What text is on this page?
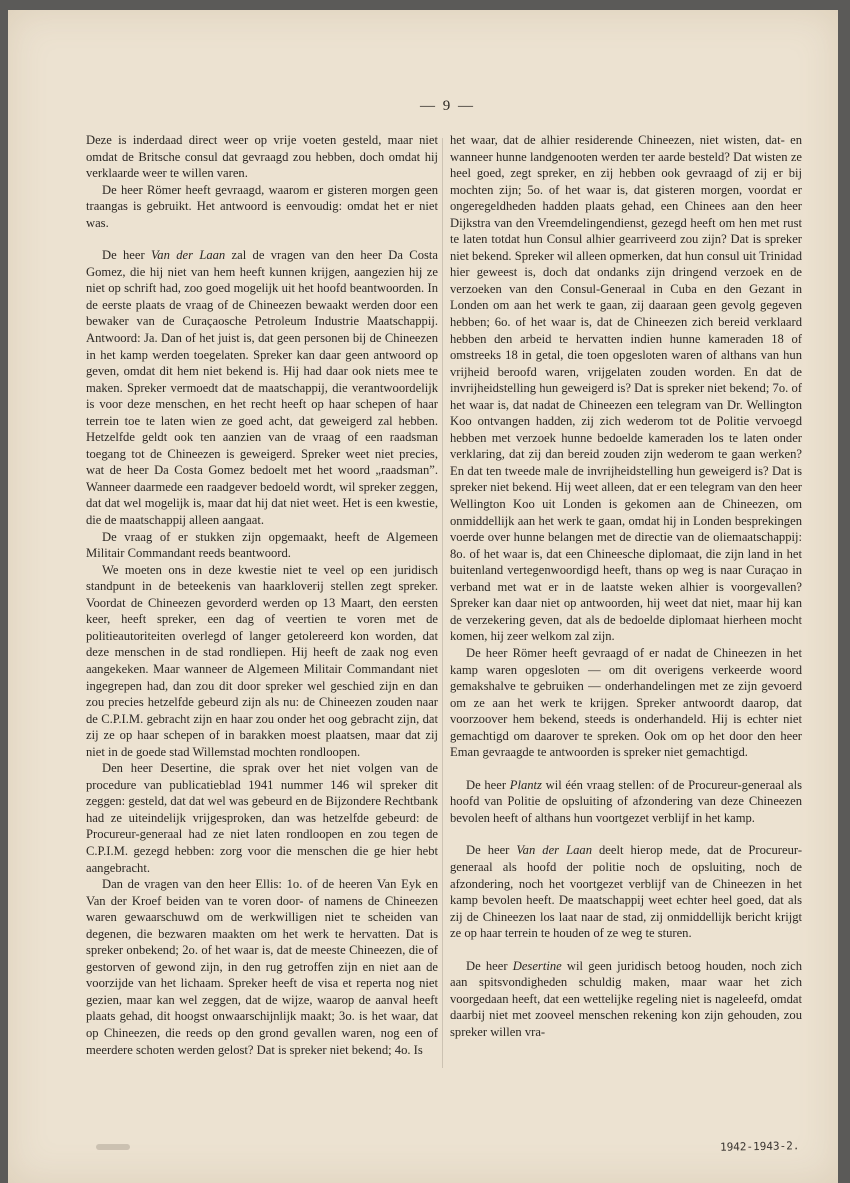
— 9 —

Deze is inderdaad direct weer op vrije voeten gesteld, maar niet omdat de Britsche consul dat gevraagd zou hebben, doch omdat hij verklaarde weer te willen varen.

De heer Römer heeft gevraagd, waarom er gisteren morgen geen traangas is gebruikt. Het antwoord is eenvoudig: omdat het er niet was.

De heer Van der Laan zal de vragen van den heer Da Costa Gomez, die hij niet van hem heeft kunnen krijgen, aangezien hij ze niet op schrift had, zoo goed mogelijk uit het hoofd beantwoorden. In de eerste plaats de vraag of de Chineezen bewaakt werden door een bewaker van de Curaçaosche Petroleum Industrie Maatschappij. Antwoord: Ja. Dan of het juist is, dat geen personen bij de Chineezen in het kamp werden toegelaten. Spreker kan daar geen antwoord op geven, omdat dit hem niet bekend is. Hij had daar ook niets mee te maken. Spreker vermoedt dat de maatschappij, die verantwoordelijk is voor deze menschen, en het recht heeft op haar schepen of haar terrein toe te laten wien ze goed acht, dat geweigerd zal hebben. Hetzelfde geldt ook ten aanzien van de vraag of een raadsman toegang tot de Chineezen is geweigerd. Spreker weet niet precies, wat de heer Da Costa Gomez bedoelt met het woord „raadsman”. Wanneer daarmede een raadgever bedoeld wordt, wil spreker zeggen, dat dat wel mogelijk is, maar dat hij dat niet weet. Het is een kwestie, die de maatschappij alleen aangaat.

De vraag of er stukken zijn opgemaakt, heeft de Algemeen Militair Commandant reeds beantwoord.

We moeten ons in deze kwestie niet te veel op een juridisch standpunt in de beteekenis van haarkloverij stellen zegt spreker. Voordat de Chineezen gevorderd werden op 13 Maart, den eersten keer, heeft spreker, een dag of veertien te voren met de politieautoriteiten overlegd of langer getolereerd kon worden, dat deze menschen in de stad rondliepen. Hij heeft de zaak nog even aangekeken. Maar wanneer de Algemeen Militair Commandant niet ingegrepen had, dan zou dit door spreker wel geschied zijn en dan zou precies hetzelfde gebeurd zijn als nu: de Chineezen zouden naar de C.P.I.M. gebracht zijn en haar zou onder het oog gebracht zijn, dat zij ze op haar schepen of in barakken moest plaatsen, maar dat zij niet in de goede stad Willemstad mochten rondloopen.

Den heer Desertine, die sprak over het niet volgen van de procedure van publicatieblad 1941 nummer 146 wil spreker dit zeggen: gesteld, dat dat wel was gebeurd en de Bijzondere Rechtbank had ze uiteindelijk vrijgesproken, dan was hetzelfde gebeurd: de Procureur-generaal had ze niet laten rondloopen en zou tegen de C.P.I.M. gezegd hebben: zorg voor die menschen die ge hier hebt aangebracht.

Dan de vragen van den heer Ellis: 1o. of de heeren Van Eyk en Van der Kroef beiden van te voren door- of namens de Chineezen waren gewaarschuwd om de werkwilligen niet te scheiden van degenen, die bezwaren maakten om het werk te hervatten. Dat is spreker onbekend; 2o. of het waar is, dat de meeste Chineezen, die of gestorven of gewond zijn, in den rug getroffen zijn en niet aan de voorzijde van het lichaam. Spreker heeft de visa et reperta nog niet gezien, maar kan wel zeggen, dat de wijze, waarop de aanval heeft plaats gehad, dit hoogst onwaarschijnlijk maakt; 3o. is het waar, dat op Chineezen, die reeds op den grond gevallen waren, nog een of meerdere schoten werden gelost? Dat is spreker niet bekend; 4o. Is

het waar, dat de alhier residerende Chineezen, niet wisten, dat- en wanneer hunne landgenooten werden ter aarde besteld? Dat wisten ze heel goed, zegt spreker, en zij hebben ook gevraagd of zij er bij mochten zijn; 5o. of het waar is, dat gisteren morgen, voordat er ongeregeldheden hadden plaats gehad, een Chinees aan den heer Dijkstra van den Vreemdelingendienst, gezegd heeft om hen met rust te laten totdat hun Consul alhier gearriveerd zou zijn? Dat is spreker niet bekend. Spreker wil alleen opmerken, dat hun consul uit Trinidad hier geweest is, doch dat ondanks zijn dringend verzoek en de verzoeken van den Consul-Generaal in Cuba en den Gezant in Londen om aan het werk te gaan, zij daaraan geen gevolg gegeven hebben; 6o. of het waar is, dat de Chineezen zich bereid verklaard hebben den arbeid te hervatten indien hunne kameraden 18 of omstreeks 18 in getal, die toen opgesloten waren of althans van hun vrijheid beroofd waren, vrijgelaten zouden worden. En dat de invrijheidstelling hun geweigerd is? Dat is spreker niet bekend; 7o. of het waar is, dat nadat de Chineezen een telegram van Dr. Wellington Koo ontvangen hadden, zij zich wederom tot de Politie vervoegd hebben met verzoek hunne bedoelde kameraden los te laten onder verklaring, dat zij dan bereid zouden zijn wederom te gaan werken? En dat ten tweede male de invrijheidstelling hun geweigerd is? Dat is spreker niet bekend. Hij weet alleen, dat er een telegram van den heer Wellington Koo uit Londen is gekomen aan de Chineezen, om onmiddellijk aan het werk te gaan, omdat hij in Londen besprekingen voerde over hunne belangen met de directie van de oliemaatschappij: 8o. of het waar is, dat een Chineesche diplomaat, die zijn land in het buitenland vertegenwoordigd heeft, thans op weg is naar Curaçao in verband met wat er in de laatste weken alhier is voorgevallen? Spreker kan daar niet op antwoorden, hij weet dat niet, maar hij kan de verzekering geven, dat als de bedoelde diplomaat hierheen mocht komen, hij zeer welkom zal zijn.

De heer Römer heeft gevraagd of er nadat de Chineezen in het kamp waren opgesloten — om dit overigens verkeerde woord gemakshalve te gebruiken — onderhandelingen met ze zijn gevoerd om ze aan het werk te krijgen. Spreker antwoordt daarop, dat voorzoover hem bekend, steeds is onderhandeld. Hij is echter niet gemachtigd om daarover te spreken. Ook om op het door den heer Eman gevraagde te antwoorden is spreker niet gemachtigd.

De heer Plantz wil één vraag stellen: of de Procureur-generaal als hoofd van Politie de opsluiting of afzondering van deze Chineezen bevolen heeft of althans hun voortgezet verblijf in het kamp.

De heer Van der Laan deelt hierop mede, dat de Procureur-generaal als hoofd der politie noch de opsluiting, noch de afzondering, noch het voortgezet verblijf van de Chineezen in het kamp bevolen heeft. De maatschappij weet echter heel goed, dat als zij de Chineezen los laat naar de stad, zij onmiddellijk bericht krijgt ze op haar terrein te houden of ze weg te sturen.

De heer Desertine wil geen juridisch betoog houden, noch zich aan spitsvondigheden schuldig maken, maar waar het zich voorgedaan heeft, dat een wettelijke regeling niet is nageleefd, omdat daarbij niet met zooveel menschen rekening kon zijn gehouden, zou spreker willen vra-

1942-1943-2.
